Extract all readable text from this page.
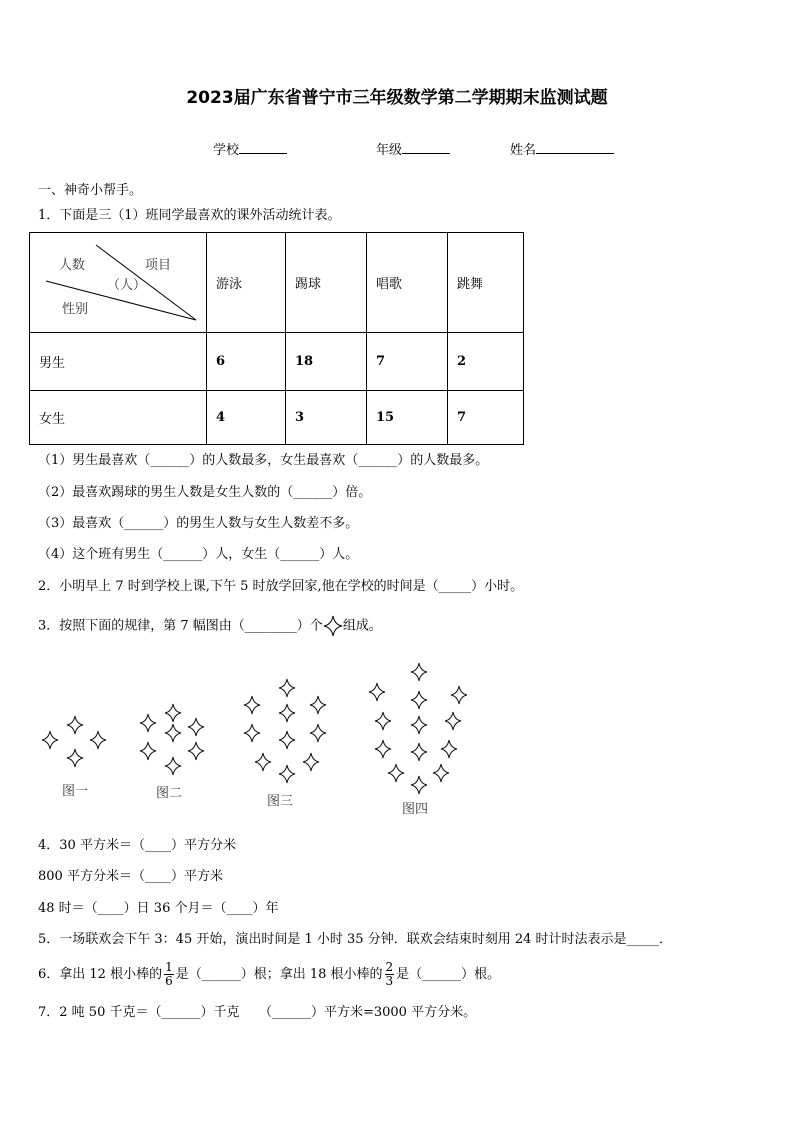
2023届广东省普宁市三年级数学第二学期期末监测试题
学校	年级	姓名
一、神奇小帮手。
1．下面是三（1）班同学最喜欢的课外活动统计表。
人数
（人）
项目
性别	游泳	踢球	唱歌	跳舞
男生	6	18	7	2
女生	4	3	15	7
（1）男生最喜欢（______）的人数最多，女生最喜欢（______）的人数最多。
（2）最喜欢踢球的男生人数是女生人数的（______）倍。
（3）最喜欢（______）的男生人数与女生人数差不多。
（4）这个班有男生（______）人，女生（______）人。
2．小明早上 7 时到学校上课,下午 5 时放学回家,他在学校的时间是（_____）小时。
3．按照下面的规律，第 7 幅图由（________）个 组成。
图一	图二
图三
图四
4．30 平方米＝（____）平方分米
800 平方分米＝（____）平方米
48 时＝（____）日 36 个月＝（____）年
5．一场联欢会下午 3：45 开始，演出时间是 1 小时 35 分钟．联欢会结束时刻用 24 时计时法表示是_____．
6．拿出 12 根小棒的 $\frac{1}{6}$ 是（______）根；拿出 18 根小棒的 $\frac{2}{3}$ 是（______）根。
7．2 吨 50 千克＝（______）千克　　（______）平方米=3000 平方分米。
